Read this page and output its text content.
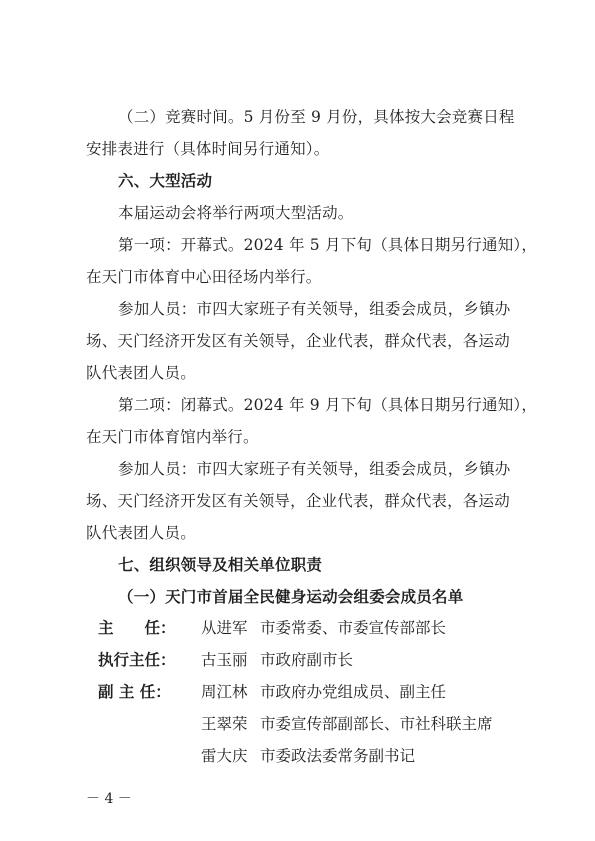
（二）竞赛时间。5 月份至 9 月份，具体按大会竞赛日程
安排表进行（具体时间另行通知）。
六、大型活动
本届运动会将举行两项大型活动。
第一项：开幕式。2024 年 5 月下旬（具体日期另行通知），
在天门市体育中心田径场内举行。
参加人员：市四大家班子有关领导，组委会成员，乡镇办
场、天门经济开发区有关领导，企业代表，群众代表，各运动
队代表团人员。
第二项：闭幕式。2024 年 9 月下旬（具体日期另行通知），
在天门市体育馆内举行。
参加人员：市四大家班子有关领导，组委会成员，乡镇办
场、天门经济开发区有关领导，企业代表，群众代表，各运动
队代表团人员。
七、组织领导及相关单位职责
（一）天门市首届全民健身运动会组委会成员名单
主　　任：	从进军 市委常委、市委宣传部部长
执行主任：	古玉丽 市政府副市长
副 主 任：	周江林 市政府办党组成员、副主任
王翠荣 市委宣传部副部长、市社科联主席
雷大庆 市委政法委常务副书记
－ 4 －
